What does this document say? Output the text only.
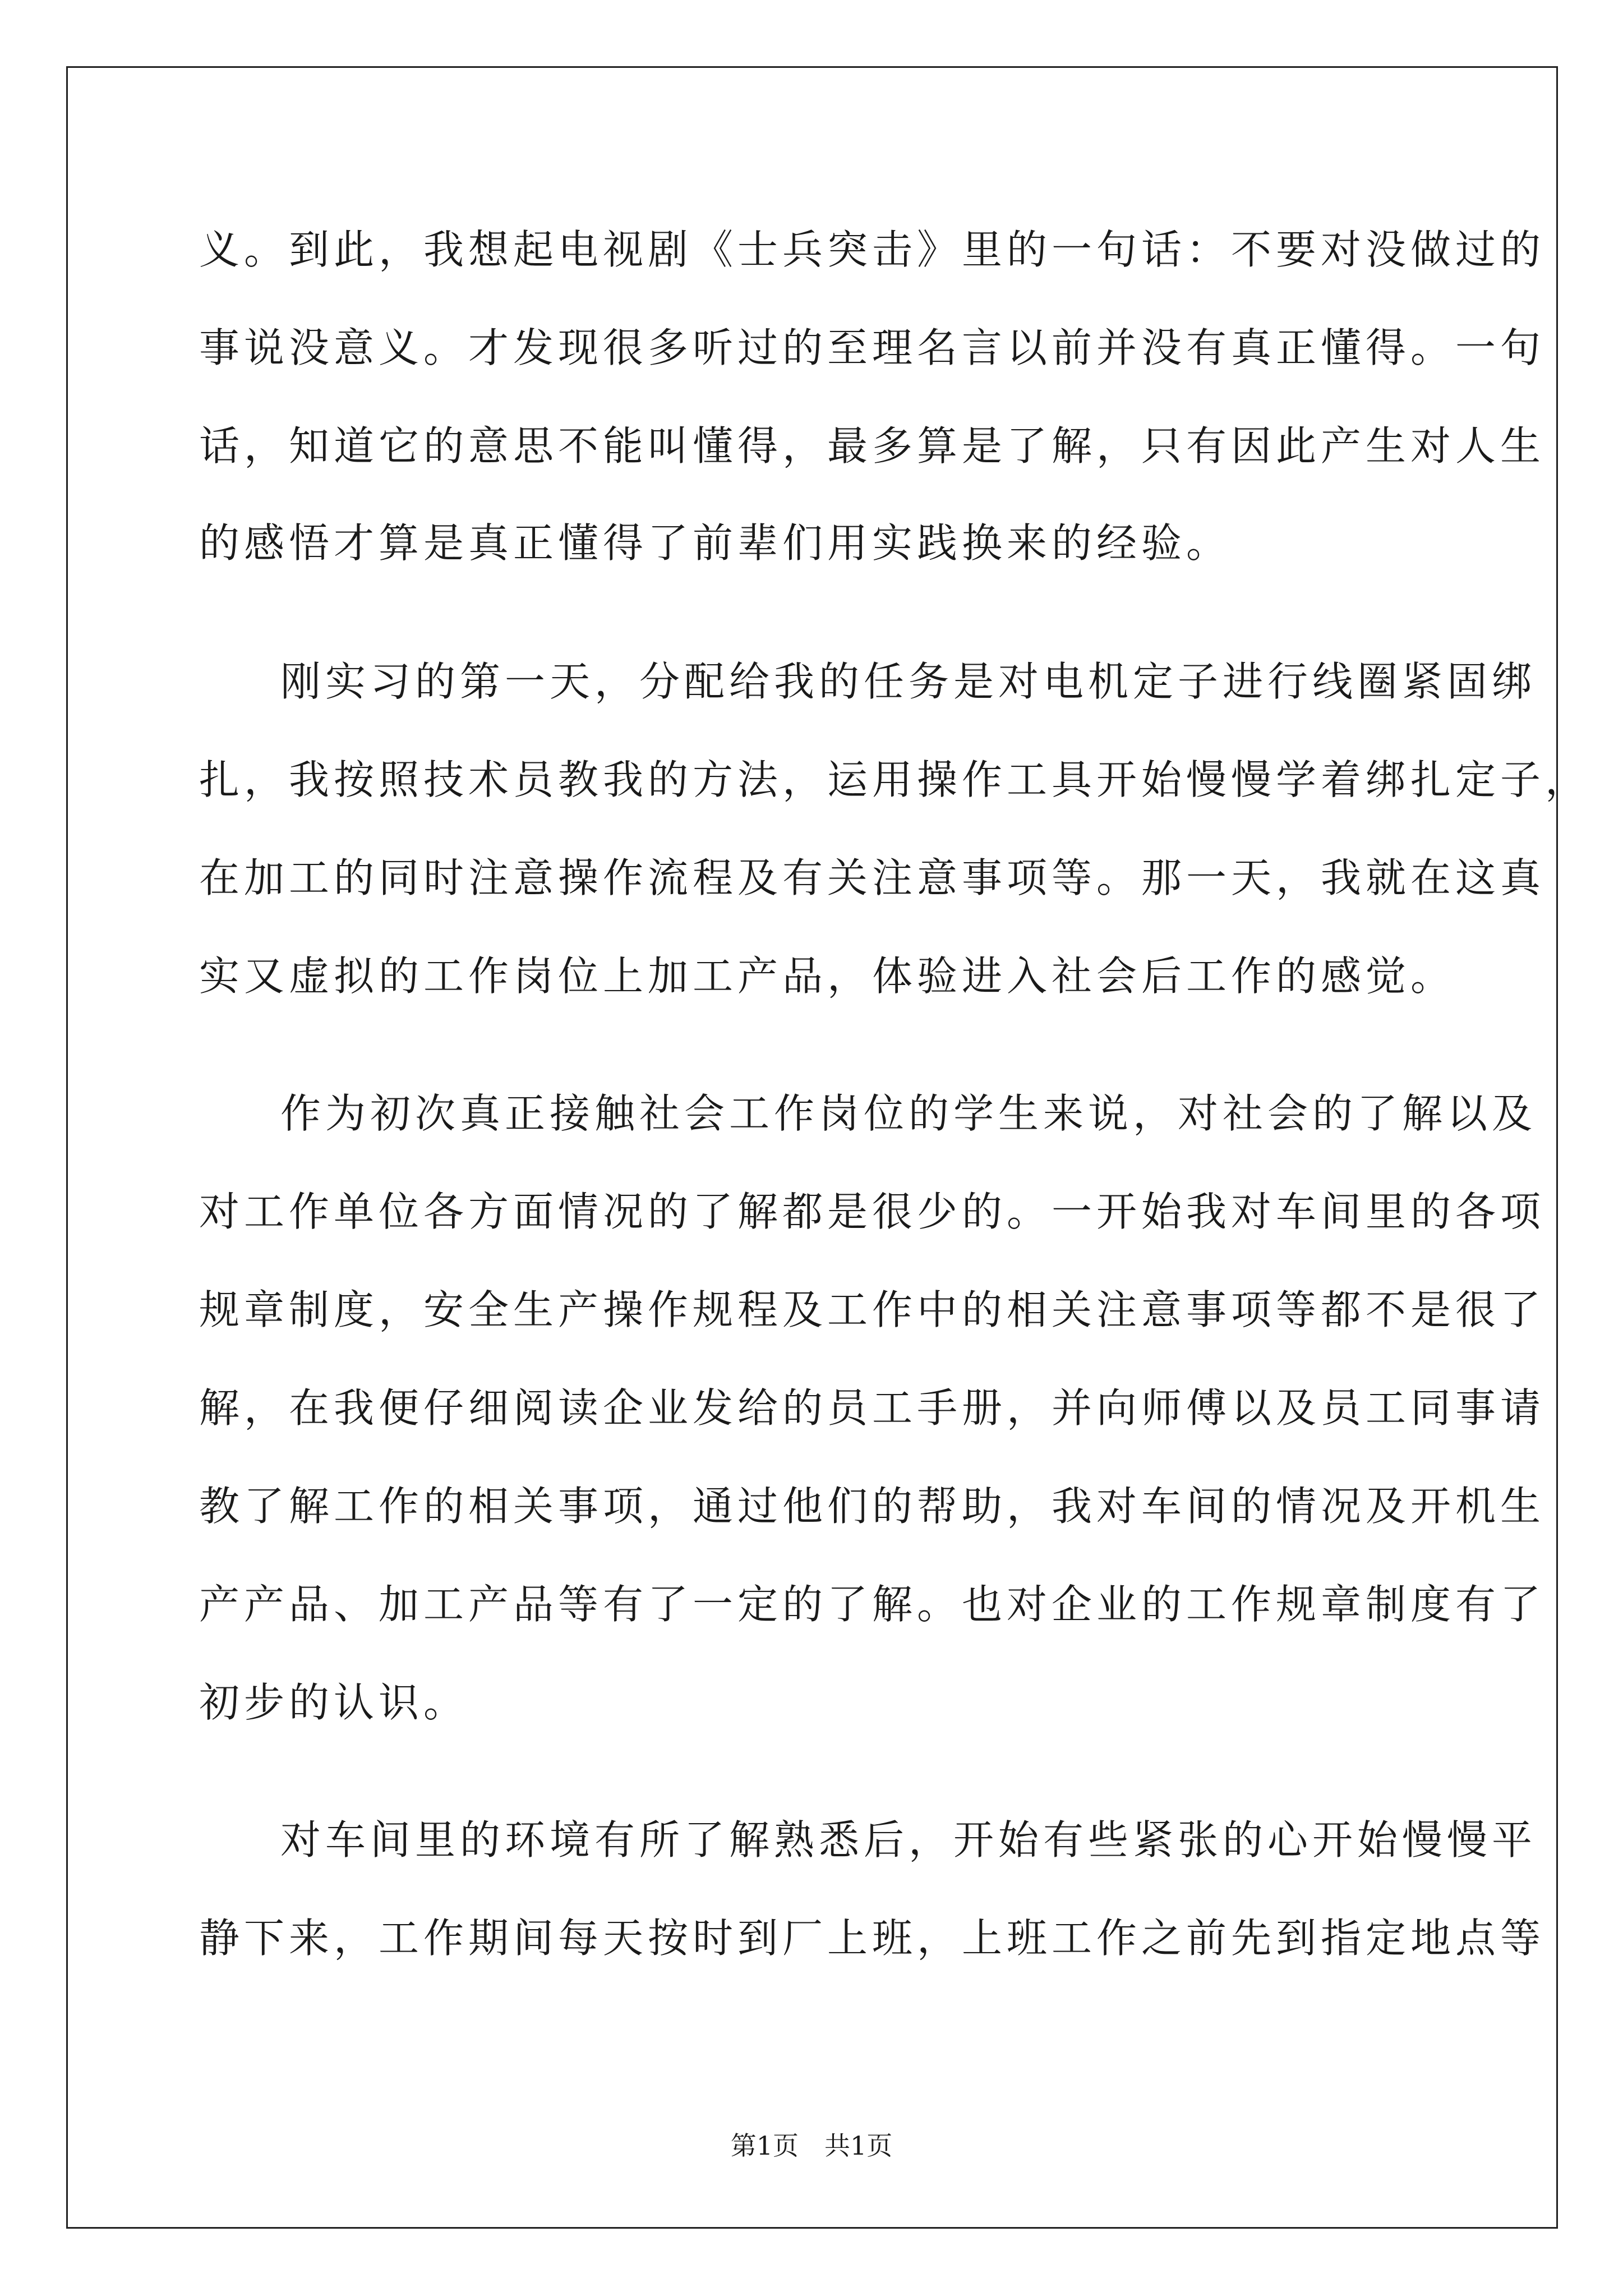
义。到此，我想起电视剧《士兵突击》里的一句话：不要对没做过的
事说没意义。才发现很多听过的至理名言以前并没有真正懂得。一句
话，知道它的意思不能叫懂得，最多算是了解，只有因此产生对人生
的感悟才算是真正懂得了前辈们用实践换来的经验。
刚实习的第一天，分配给我的任务是对电机定子进行线圈紧固绑
扎，我按照技术员教我的方法，运用操作工具开始慢慢学着绑扎定子，
在加工的同时注意操作流程及有关注意事项等。那一天，我就在这真
实又虚拟的工作岗位上加工产品，体验进入社会后工作的感觉。
作为初次真正接触社会工作岗位的学生来说，对社会的了解以及
对工作单位各方面情况的了解都是很少的。一开始我对车间里的各项
规章制度，安全生产操作规程及工作中的相关注意事项等都不是很了
解，在我便仔细阅读企业发给的员工手册，并向师傅以及员工同事请
教了解工作的相关事项，通过他们的帮助，我对车间的情况及开机生
产产品、加工产品等有了一定的了解。也对企业的工作规章制度有了
初步的认识。
对车间里的环境有所了解熟悉后，开始有些紧张的心开始慢慢平
静下来，工作期间每天按时到厂上班，上班工作之前先到指定地点等
第1页　共1页
